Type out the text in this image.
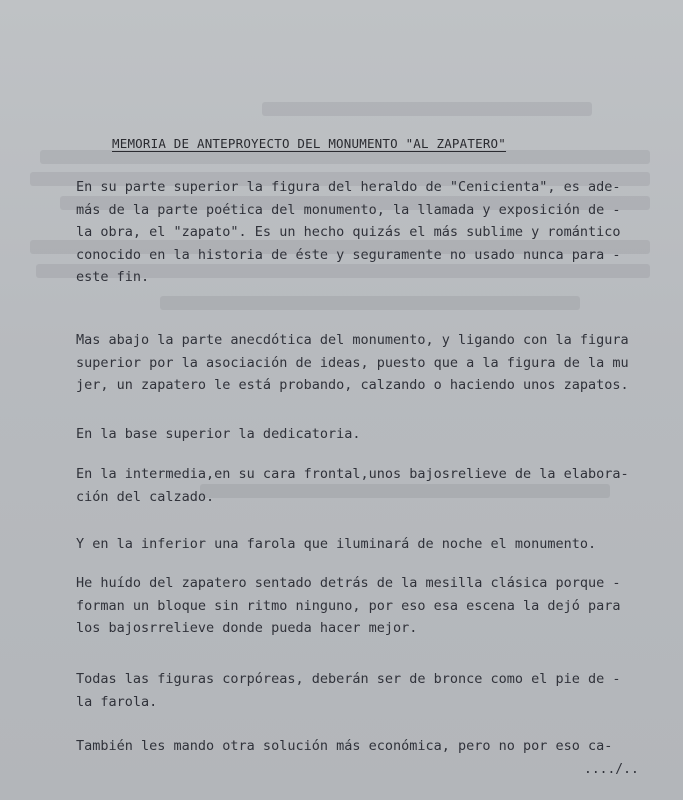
MEMORIA DE ANTEPROYECTO DEL MONUMENTO "AL ZAPATERO"

En su parte superior la figura del heraldo de "Cenicienta", es ade-
más de la parte poética del monumento, la llamada y exposición de -
la obra, el "zapato". Es un hecho quizás el más sublime y romántico
conocido en la historia de éste y seguramente no usado nunca para -
este fin.

Mas abajo la parte anecdótica del monumento, y ligando con la figura
superior por la asociación de ideas, puesto que a la figura de la mu
jer, un zapatero le está probando, calzando o haciendo unos zapatos.

En la base superior la dedicatoria.

En la intermedia,en su cara frontal,unos bajosrelieve de la elabora-
ción del calzado.

Y en la inferior una farola que iluminará de noche el monumento.

He huído del zapatero sentado detrás de la mesilla clásica porque -
forman un bloque sin ritmo ninguno, por eso esa escena la dejó para
los bajosrrelieve donde pueda hacer mejor.

Todas las figuras corpóreas, deberán ser de bronce como el pie de -
la farola.

También les mando otra solución más económica, pero no por eso ca-

..../..
